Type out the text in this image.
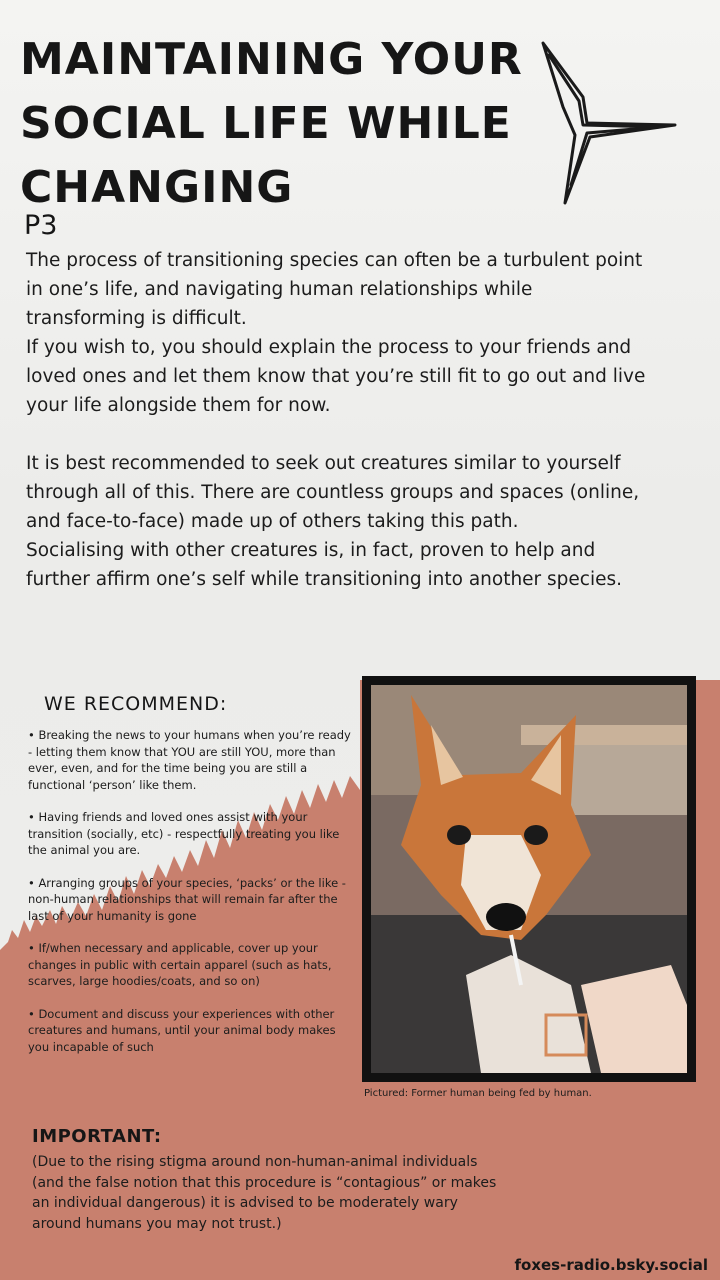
MAINTAINING YOUR SOCIAL LIFE WHILE CHANGING
P3

The process of transitioning species can often be a turbulent point in one’s life, and navigating human relationships while transforming is difficult.
If you wish to, you should explain the process to your friends and loved ones and let them know that you’re still fit to go out and live your life alongside them for now.

It is best recommended to seek out creatures similar to yourself through all of this. There are countless groups and spaces (online, and face-to-face) made up of others taking this path.
Socialising with other creatures is, in fact, proven to help and further affirm one’s self while transitioning into another species.

WE RECOMMEND:
• Breaking the news to your humans when you’re ready - letting them know that YOU are still YOU, more than ever, even, and for the time being you are still a functional ‘person’ like them.
• Having friends and loved ones assist with your transition (socially, etc) - respectfully treating you like the animal you are.
• Arranging groups of your species, ‘packs’ or the like - non-human relationships that will remain far after the last of your humanity is gone
• If/when necessary and applicable, cover up your changes in public with certain apparel (such as hats, scarves, large hoodies/coats, and so on)
• Document and discuss your experiences with other creatures and humans, until your animal body makes you incapable of such
Pictured: Former human being fed by human.
IMPORTANT:

(Due to the rising stigma around non-human-animal individuals (and the false notion that this procedure is “contagious” or makes an individual dangerous) it is advised to be moderately wary around humans you may not trust.)

foxes-radio.bsky.social
